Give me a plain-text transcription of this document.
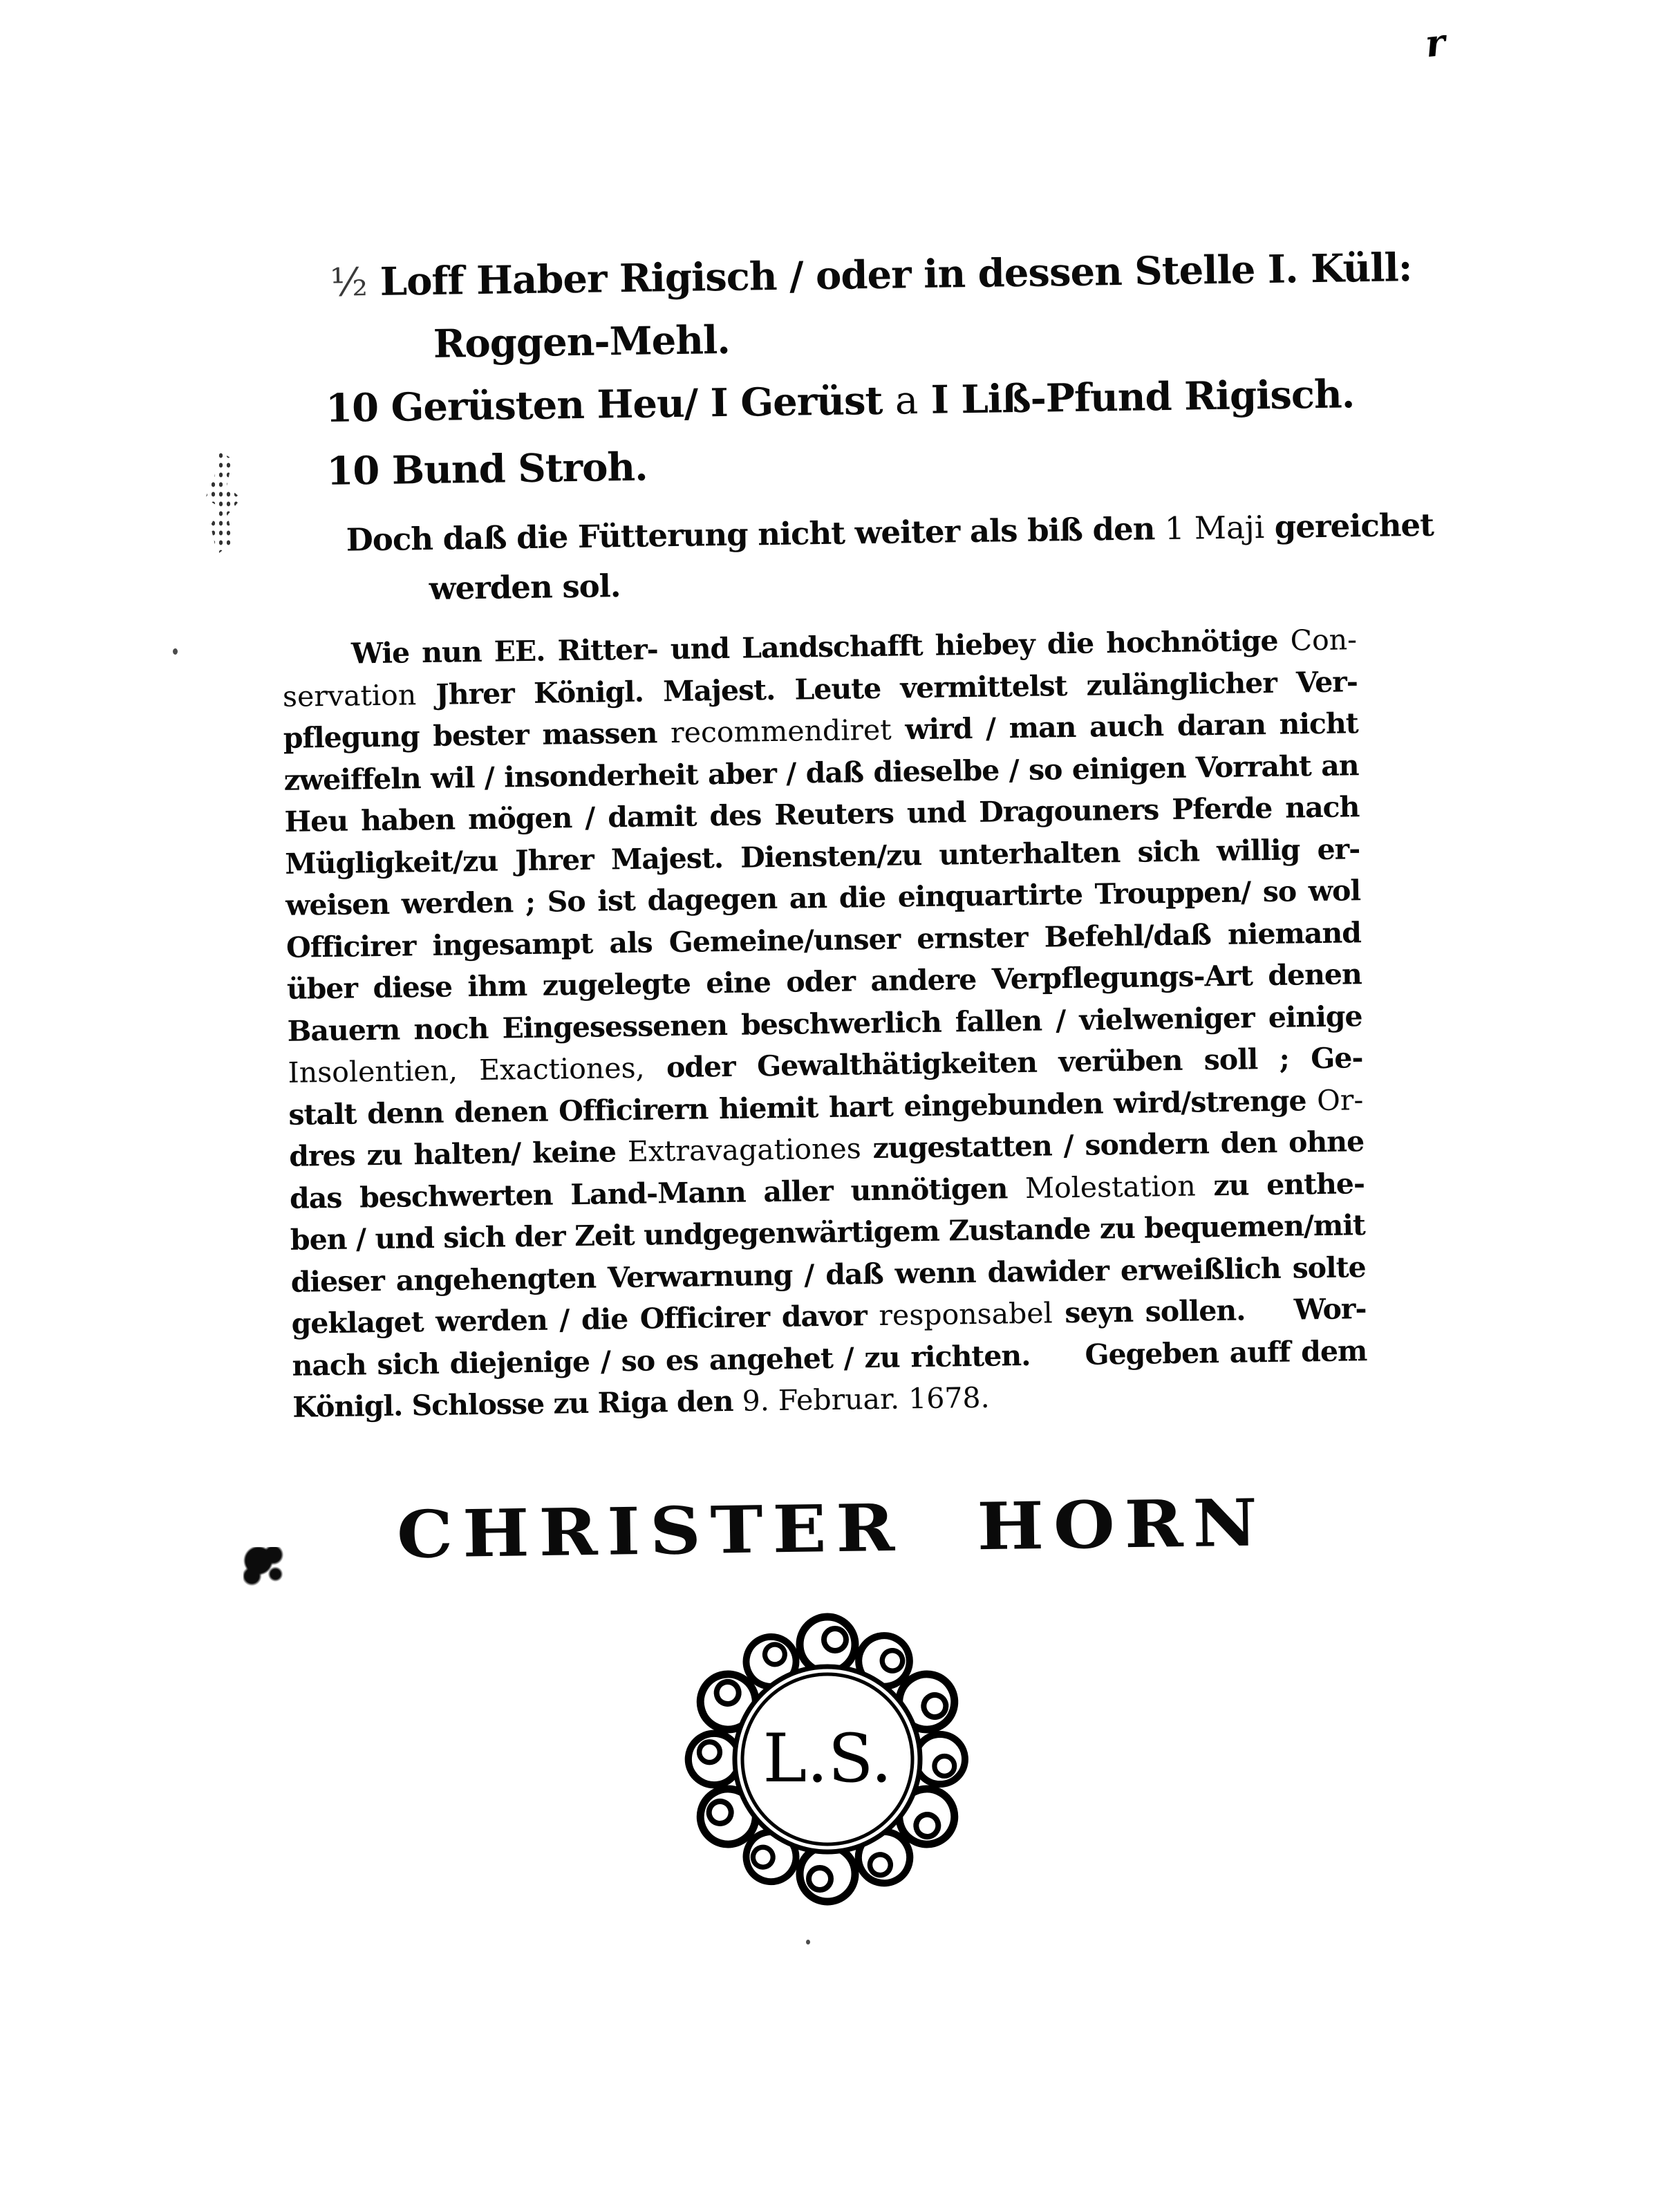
r
½ Loff Haber Rigisch / oder in dessen Stelle I. Küll:
Roggen-Mehl.
10 Gerüsten Heu/ I Gerüst a I Liß-Pfund Rigisch.
10 Bund Stroh.
Doch daß die Fütterung nicht weiter als biß den 1 Maji gereichet
werden sol.
Wie nun EE. Ritter- und Landschafft hiebey die hochnötige Con-
servation Jhrer Königl. Majest. Leute vermittelst zulänglicher Ver-
pflegung bester massen recommendiret wird / man auch daran nicht
zweiffeln wil / insonderheit aber / daß dieselbe / so einigen Vorraht an
Heu haben mögen / damit des Reuters und Dragouners Pferde nach
Mügligkeit/zu Jhrer Majest. Diensten/zu unterhalten sich willig er-
weisen werden ; So ist dagegen an die einquartirte Trouppen/ so wol
Officirer ingesampt als Gemeine/unser ernster Befehl/daß niemand
über diese ihm zugelegte eine oder andere Verpflegungs-Art denen
Bauern noch Eingesessenen beschwerlich fallen / vielweniger einige
Insolentien, Exactiones, oder Gewalthätigkeiten verüben soll ; Ge-
stalt denn denen Officirern hiemit hart eingebunden wird/strenge Or-
dres zu halten/ keine Extravagationes zugestatten / sondern den ohne
das beschwerten Land-Mann aller unnötigen Molestation zu enthe-
ben / und sich der Zeit undgegenwärtigem Zustande zu bequemen/mit
dieser angehengten Verwarnung / daß wenn dawider erweißlich solte
geklaget werden / die Officirer davor responsabel seyn sollen.    Wor-
nach sich diejenige / so es angehet / zu richten.     Gegeben auff dem
Königl. Schlosse zu Riga den 9. Februar. 1678.
CHRISTER HORN
L.S.
